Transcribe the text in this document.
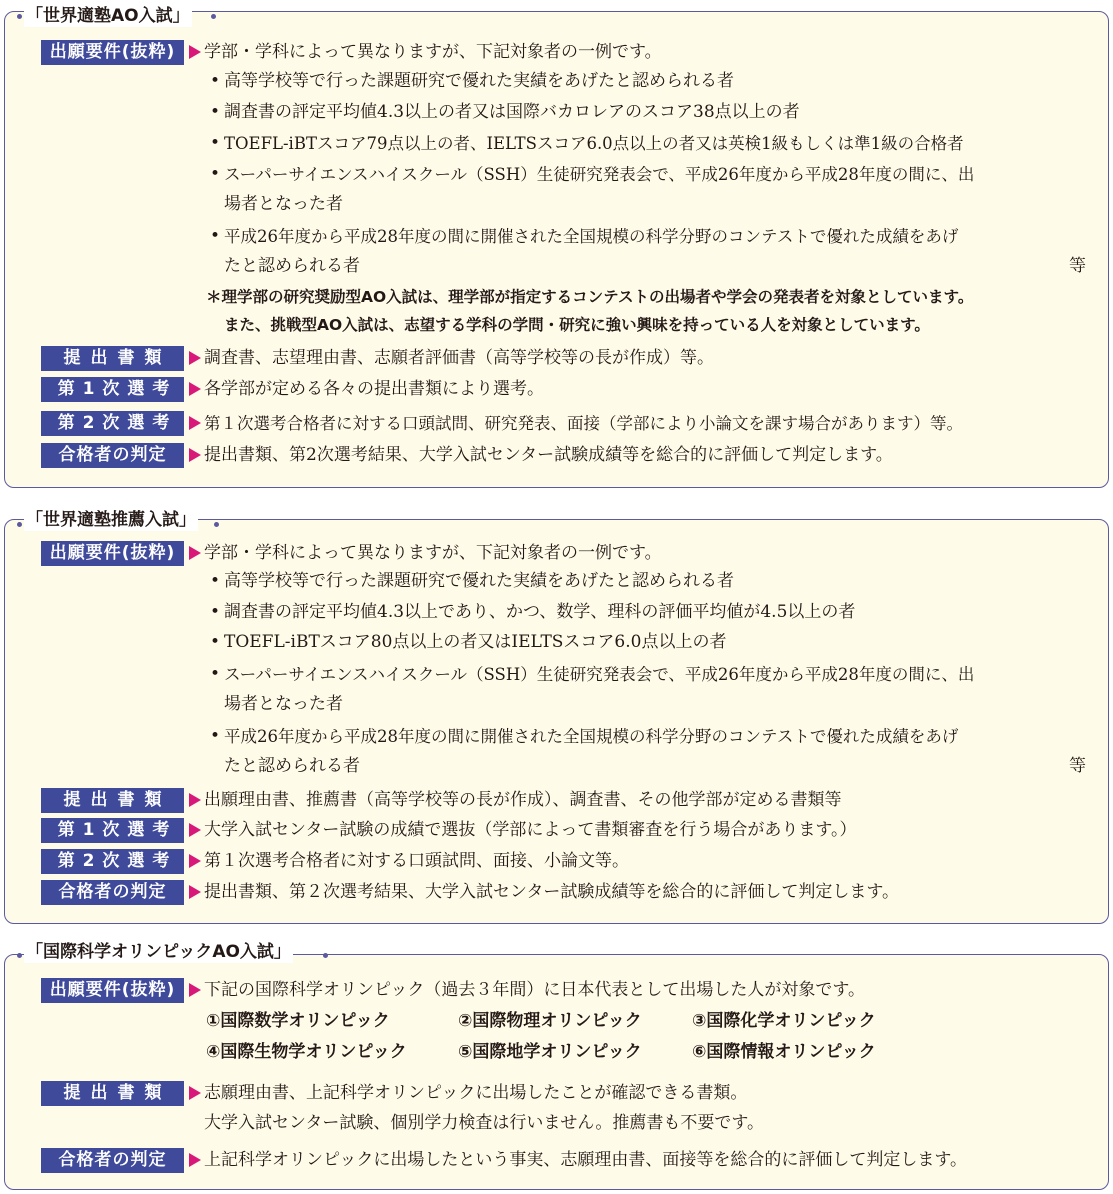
「世界適塾AO入試」
出願要件(抜粋)	学部・学科によって異なりますが、下記対象者の一例です。
• 高等学校等で行った課題研究で優れた実績をあげたと認められる者
• 調査書の評定平均値4.3以上の者又は国際バカロレアのスコア38点以上の者
• TOEFL-iBTスコア79点以上の者、IELTSスコア6.0点以上の者又は英検1級もしくは準1級の合格者
• スーパーサイエンスハイスクール（SSH）生徒研究発表会で、平成26年度から平成28年度の間に、出
場者となった者
• 平成26年度から平成28年度の間に開催された全国規模の科学分野のコンテストで優れた成績をあげ
たと認められる者	等
＊理学部の研究奨励型AO入試は、理学部が指定するコンテストの出場者や学会の発表者を対象としています。
また、挑戦型AO入試は、志望する学科の学問・研究に強い興味を持っている人を対象としています。
提出書類	調査書、志望理由書、志願者評価書（高等学校等の長が作成）等。
第1次選考	各学部が定める各々の提出書類により選考。
第2次選考	第１次選考合格者に対する口頭試問、研究発表、面接（学部により小論文を課す場合があります）等。
合格者の判定	提出書類、第2次選考結果、大学入試センター試験成績等を総合的に評価して判定します。
「世界適塾推薦入試」
出願要件(抜粋)	学部・学科によって異なりますが、下記対象者の一例です。
• 高等学校等で行った課題研究で優れた実績をあげたと認められる者
• 調査書の評定平均値4.3以上であり、かつ、数学、理科の評価平均値が4.5以上の者
• TOEFL-iBTスコア80点以上の者又はIELTSスコア6.0点以上の者
• スーパーサイエンスハイスクール（SSH）生徒研究発表会で、平成26年度から平成28年度の間に、出
場者となった者
• 平成26年度から平成28年度の間に開催された全国規模の科学分野のコンテストで優れた成績をあげ
たと認められる者	等
提出書類	出願理由書、推薦書（高等学校等の長が作成）、調査書、その他学部が定める書類等
第1次選考	大学入試センター試験の成績で選抜（学部によって書類審査を行う場合があります。）
第2次選考	第１次選考合格者に対する口頭試問、面接、小論文等。
合格者の判定	提出書類、第２次選考結果、大学入試センター試験成績等を総合的に評価して判定します。
「国際科学オリンピックAO入試」
出願要件(抜粋)	下記の国際科学オリンピック（過去３年間）に日本代表として出場した人が対象です。
①国際数学オリンピック	②国際物理オリンピック	③国際化学オリンピック
④国際生物学オリンピック	⑤国際地学オリンピック	⑥国際情報オリンピック
提出書類	志願理由書、上記科学オリンピックに出場したことが確認できる書類。
大学入試センター試験、個別学力検査は行いません。推薦書も不要です。
合格者の判定	上記科学オリンピックに出場したという事実、志願理由書、面接等を総合的に評価して判定します。
